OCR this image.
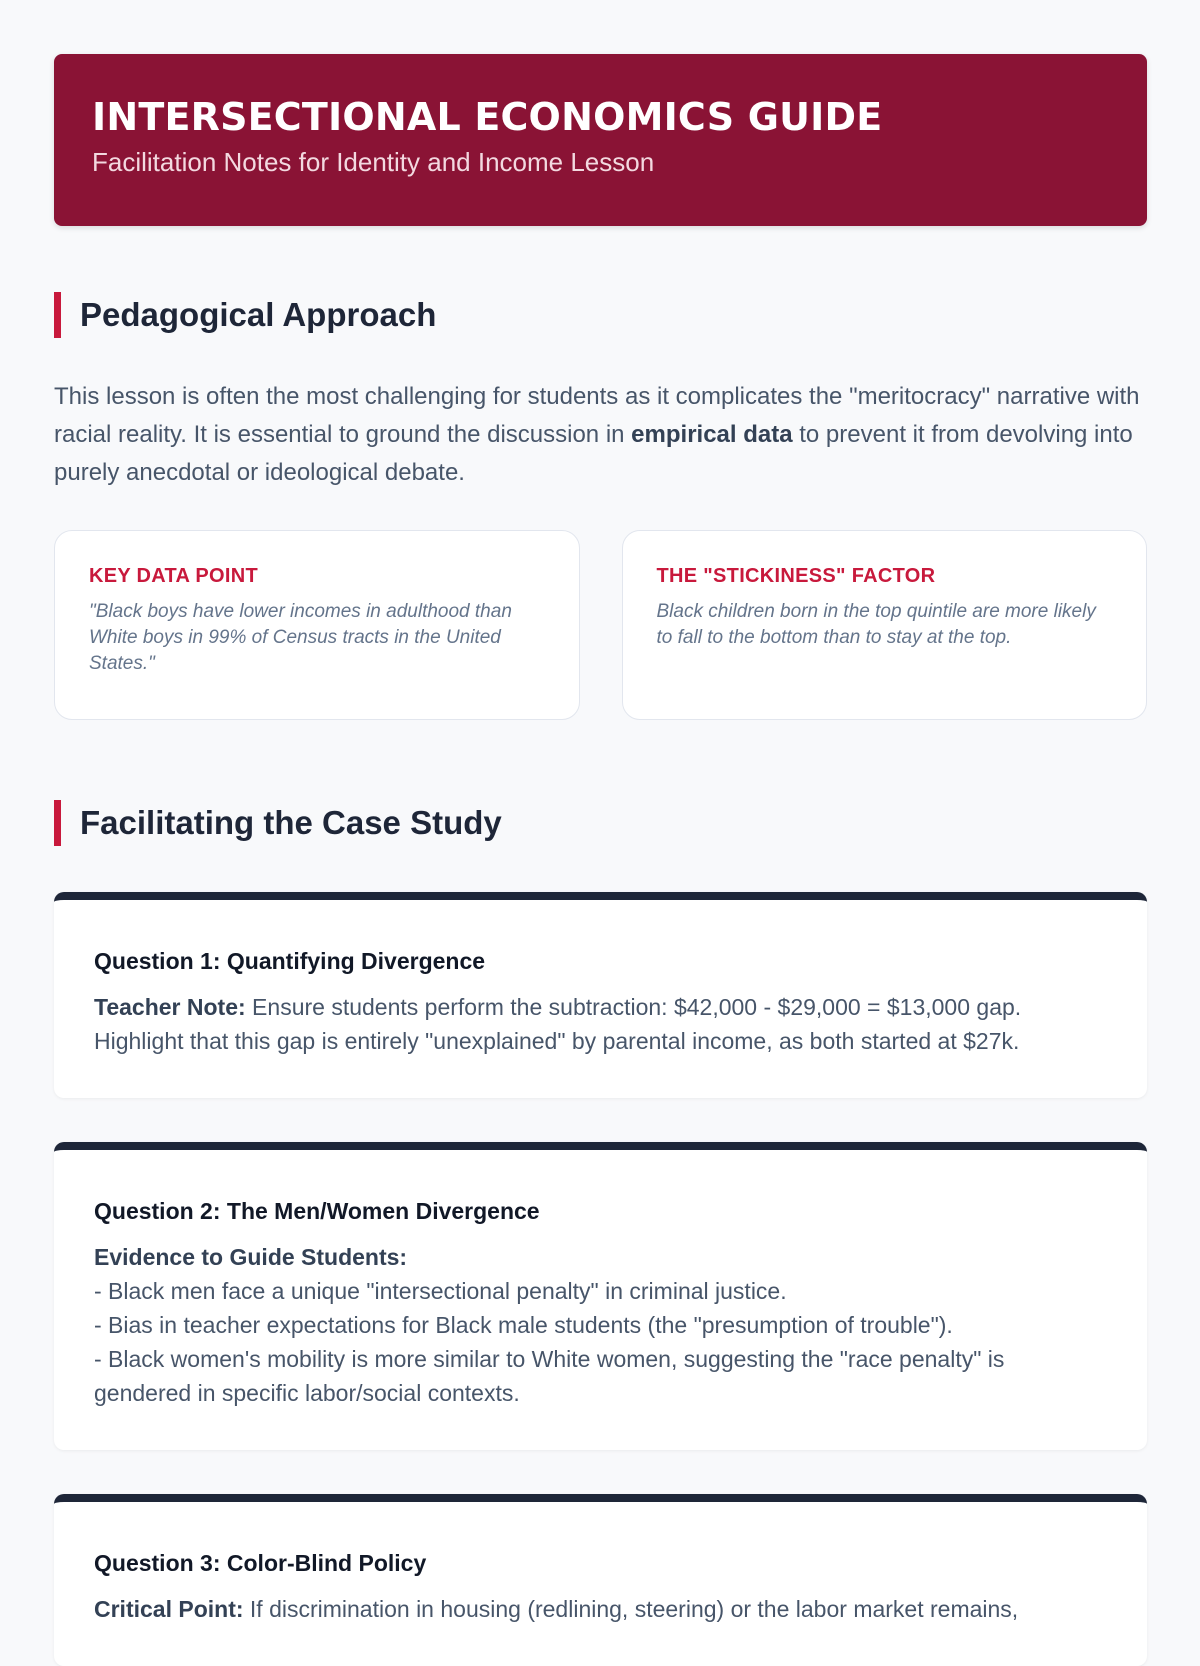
INTERSECTIONAL ECONOMICS GUIDE
Facilitation Notes for Identity and Income Lesson
Pedagogical Approach

This lesson is often the most challenging for students as it complicates the "meritocracy" narrative with racial reality. It is essential to ground the discussion in empirical data to prevent it from devolving into purely anecdotal or ideological debate.

KEY DATA POINT
"Black boys have lower incomes in adulthood than White boys in 99% of Census tracts in the United States."
THE "STICKINESS" FACTOR
Black children born in the top quintile are more likely to fall to the bottom than to stay at the top.
Facilitating the Case Study
Question 1: Quantifying Divergence
Teacher Note: Ensure students perform the subtraction: $42,000 - $29,000 = $13,000 gap. Highlight that this gap is entirely "unexplained" by parental income, as both started at $27k.
Question 2: The Men/Women Divergence
Evidence to Guide Students:
- Black men face a unique "intersectional penalty" in criminal justice.
- Bias in teacher expectations for Black male students (the "presumption of trouble").
- Black women's mobility is more similar to White women, suggesting the "race penalty" is gendered in specific labor/social contexts.
Question 3: Color-Blind Policy
Critical Point: If discrimination in housing (redlining, steering) or the labor market remains,
